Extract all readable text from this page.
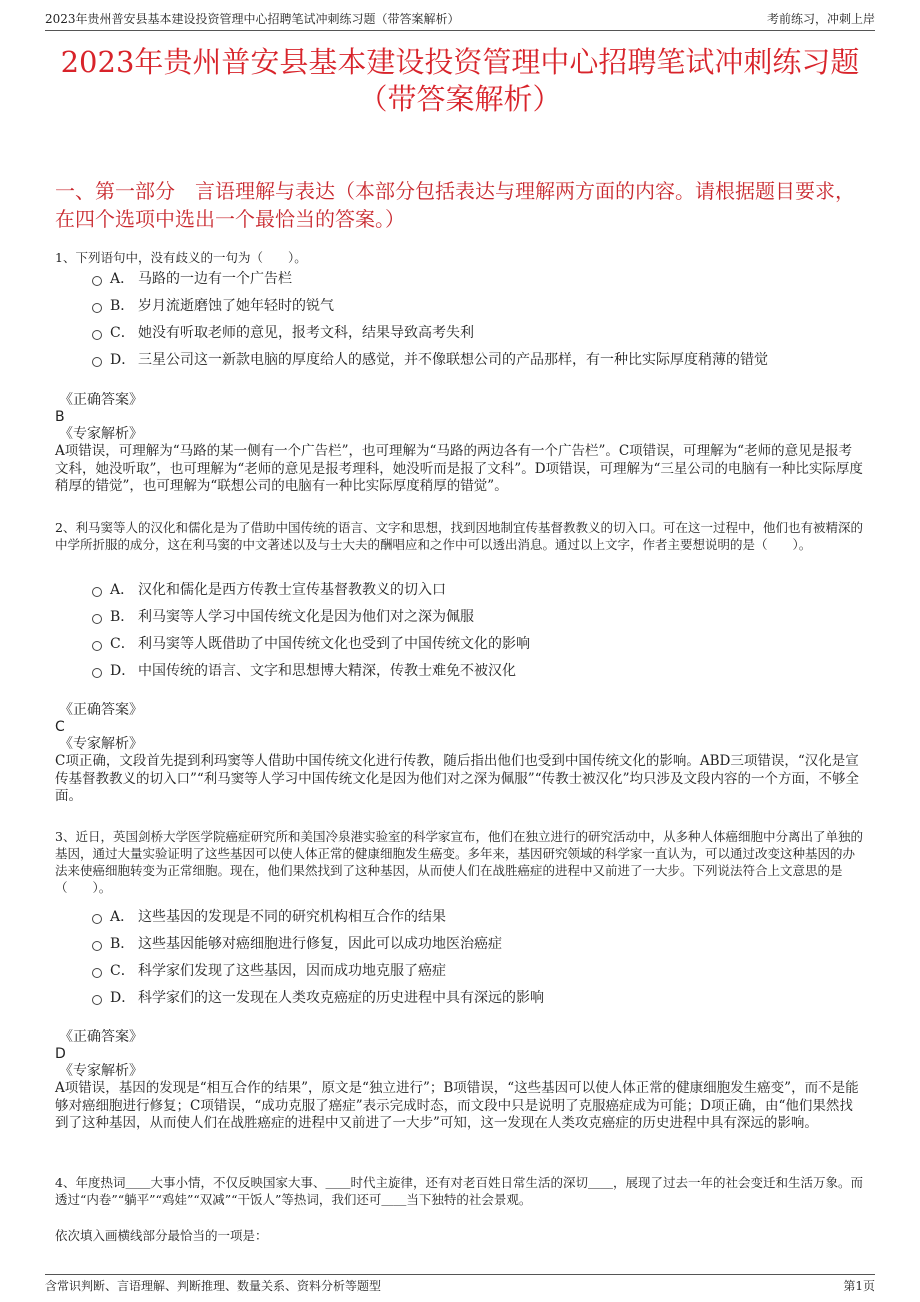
2023年贵州普安县基本建设投资管理中心招聘笔试冲刺练习题（带答案解析）	考前练习，冲刺上岸
2023年贵州普安县基本建设投资管理中心招聘笔试冲刺练习题
（带答案解析）
一、第一部分　言语理解与表达（本部分包括表达与理解两方面的内容。请根据题目要求，在四个选项中选出一个最恰当的答案。）
1、下列语句中，没有歧义的一句为（　　）。
A． 马路的一边有一个广告栏
B． 岁月流逝磨蚀了她年轻时的锐气
C． 她没有听取老师的意见，报考文科，结果导致高考失利
D． 三星公司这一新款电脑的厚度给人的感觉，并不像联想公司的产品那样，有一种比实际厚度稍薄的错觉
《正确答案》
B
《专家解析》
A项错误，可理解为“马路的某一侧有一个广告栏”，也可理解为“马路的两边各有一个广告栏”。C项错误，可理解为“老师的意见是报考文科，她没听取”，也可理解为“老师的意见是报考理科，她没听而是报了文科”。D项错误，可理解为“三星公司的电脑有一种比实际厚度稍厚的错觉”，也可理解为“联想公司的电脑有一种比实际厚度稍厚的错觉”。
2、利马窦等人的汉化和儒化是为了借助中国传统的语言、文字和思想，找到因地制宜传基督教教义的切入口。可在这一过程中，他们也有被精深的中学所折服的成分，这在利马窦的中文著述以及与士大夫的酬唱应和之作中可以透出消息。通过以上文字，作者主要想说明的是（　　）。
A． 汉化和儒化是西方传教士宣传基督教教义的切入口
B． 利马窦等人学习中国传统文化是因为他们对之深为佩服
C． 利马窦等人既借助了中国传统文化也受到了中国传统文化的影响
D． 中国传统的语言、文字和思想博大精深，传教士难免不被汉化
《正确答案》
C
《专家解析》
C项正确，文段首先提到利玛窦等人借助中国传统文化进行传教，随后指出他们也受到中国传统文化的影响。ABD三项错误，“汉化是宣传基督教教义的切入口”“利马窦等人学习中国传统文化是因为他们对之深为佩服”“传教士被汉化”均只涉及文段内容的一个方面，不够全面。
3、近日，英国剑桥大学医学院癌症研究所和美国冷泉港实验室的科学家宣布，他们在独立进行的研究活动中，从多种人体癌细胞中分离出了单独的基因，通过大量实验证明了这些基因可以使人体正常的健康细胞发生癌变。多年来，基因研究领域的科学家一直认为，可以通过改变这种基因的办法来使癌细胞转变为正常细胞。现在，他们果然找到了这种基因，从而使人们在战胜癌症的进程中又前进了一大步。下列说法符合上文意思的是（　　）。
A． 这些基因的发现是不同的研究机构相互合作的结果
B． 这些基因能够对癌细胞进行修复，因此可以成功地医治癌症
C． 科学家们发现了这些基因，因而成功地克服了癌症
D． 科学家们的这一发现在人类攻克癌症的历史进程中具有深远的影响
《正确答案》
D
《专家解析》
A项错误，基因的发现是“相互合作的结果”，原文是“独立进行”；B项错误，“这些基因可以使人体正常的健康细胞发生癌变”，而不是能够对癌细胞进行修复；C项错误，“成功克服了癌症”表示完成时态，而文段中只是说明了克服癌症成为可能；D项正确，由“他们果然找到了这种基因，从而使人们在战胜癌症的进程中又前进了一大步”可知，这一发现在人类攻克癌症的历史进程中具有深远的影响。
4、年度热词＿＿大事小情，不仅反映国家大事、＿＿时代主旋律，还有对老百姓日常生活的深切＿＿，展现了过去一年的社会变迁和生活万象。而透过“内卷”“躺平”“鸡娃”“双减”“干饭人”等热词，我们还可＿＿当下独特的社会景观。
依次填入画横线部分最恰当的一项是：
含常识判断、言语理解、判断推理、数量关系、资料分析等题型	第1页
